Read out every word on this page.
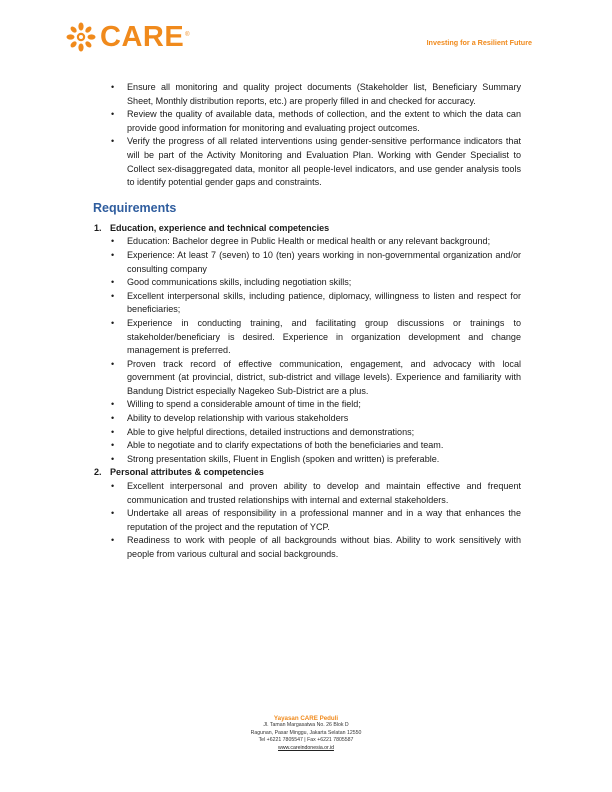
CARE ®
Investing for a Resilient Future
• Ensure all monitoring and quality project documents (Stakeholder list, Beneficiary Summary Sheet, Monthly distribution reports, etc.) are properly filled in and checked for accuracy.
• Review the quality of available data, methods of collection, and the extent to which the data can provide good information for monitoring and evaluating project outcomes.
• Verify the progress of all related interventions using gender-sensitive performance indicators that will be part of the Activity Monitoring and Evaluation Plan. Working with Gender Specialist to Collect sex-disaggregated data, monitor all people-level indicators, and use gender analysis tools to identify potential gender gaps and constraints.
Requirements
1. Education, experience and technical competencies
• Education: Bachelor degree in Public Health or medical health or any relevant background;
• Experience: At least 7 (seven) to 10 (ten) years working in non-governmental organization and/or consulting company
• Good communications skills, including negotiation skills;
• Excellent interpersonal skills, including patience, diplomacy, willingness to listen and respect for beneficiaries;
• Experience in conducting training, and facilitating group discussions or trainings to stakeholder/beneficiary is desired. Experience in organization development and change management is preferred.
• Proven track record of effective communication, engagement, and advocacy with local government (at provincial, district, sub-district and village levels). Experience and familiarity with Bandung District especially Nagekeo Sub-District are a plus.
• Willing to spend a considerable amount of time in the field;
• Ability to develop relationship with various stakeholders
• Able to give helpful directions, detailed instructions and demonstrations;
• Able to negotiate and to clarify expectations of both the beneficiaries and team.
• Strong presentation skills, Fluent in English (spoken and written) is preferable.
2. Personal attributes & competencies
• Excellent interpersonal and proven ability to develop and maintain effective and frequent communication and trusted relationships with internal and external stakeholders.
• Undertake all areas of responsibility in a professional manner and in a way that enhances the reputation of the project and the reputation of YCP.
• Readiness to work with people of all backgrounds without bias. Ability to work sensitively with people from various cultural and social backgrounds.
Yayasan CARE Peduli
Jl. Taman Margasatwa No. 26 Blok D
Ragunan, Pasar Minggu, Jakarta Selatan 12550
Tel +6221 7805547 | Fax +6221 7805587
www.careindonesia.or.id
